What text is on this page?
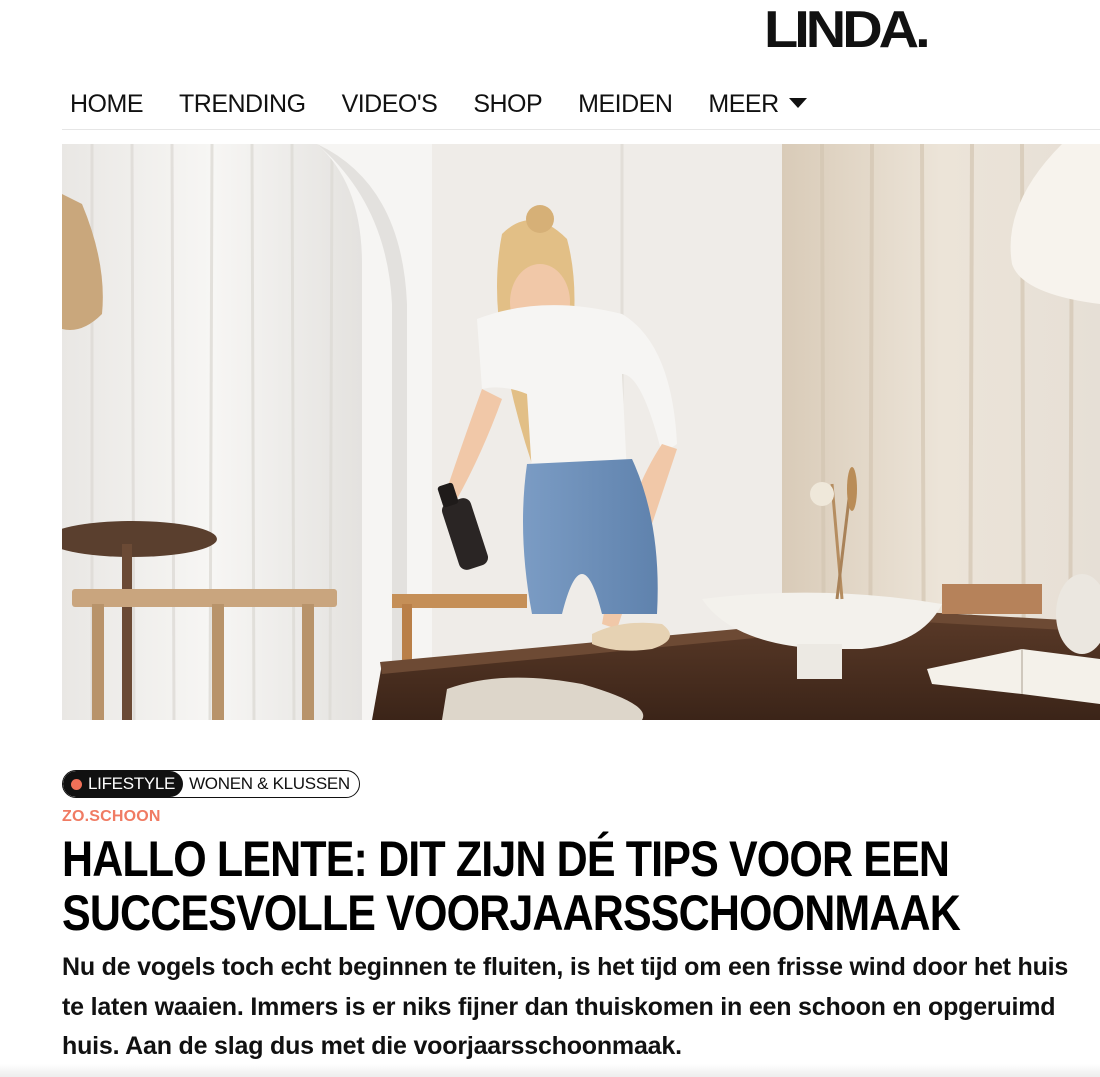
LINDA.
HOME TRENDING VIDEO'S SHOP MEIDEN MEER
LIFESTYLE WONEN & KLUSSEN
ZO.SCHOON
HALLO LENTE: DIT ZIJN DÉ TIPS VOOR EEN SUCCESVOLLE VOORJAARSSCHOONMAAK

Nu de vogels toch echt beginnen te fluiten, is het tijd om een frisse wind door het huis te laten waaien. Immers is er niks fijner dan thuiskomen in een schoon en opgeruimd huis. Aan de slag dus met die voorjaarsschoonmaak.
